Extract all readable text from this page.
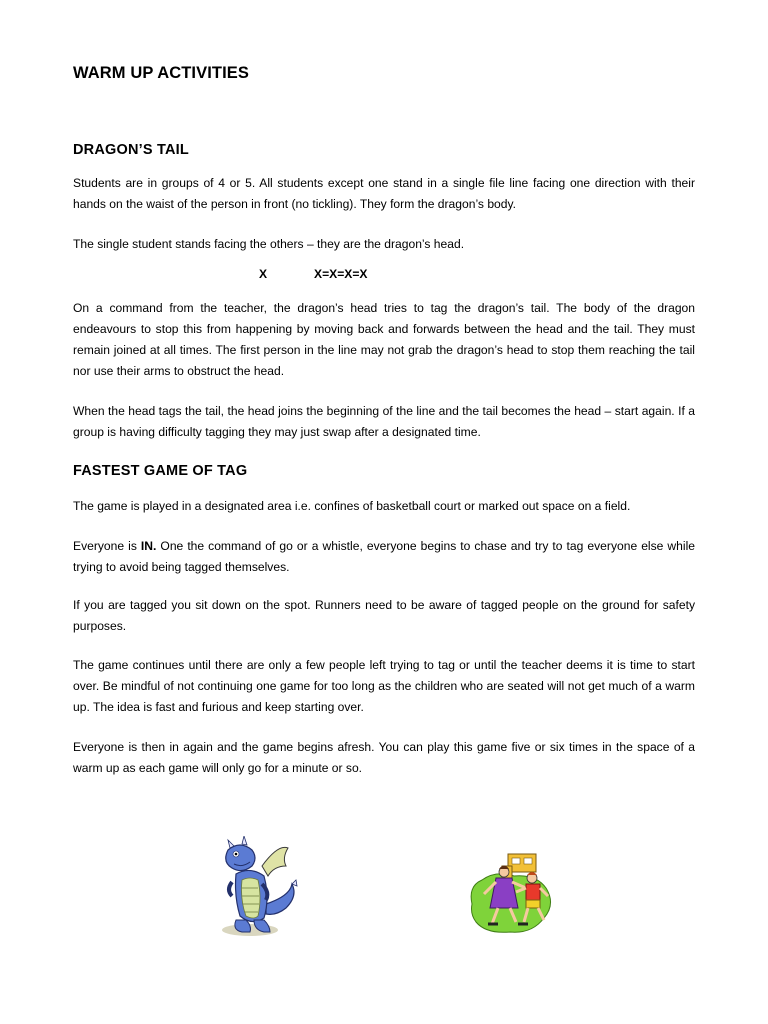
WARM UP ACTIVITIES
DRAGON’S TAIL

Students are in groups of 4 or 5. All students except one stand in a single file line facing one direction with their hands on the waist of the person in front (no tickling). They form the dragon’s body.

The single student stands facing the others – they are the dragon’s head.

X	X=X=X=X

On a command from the teacher, the dragon’s head tries to tag the dragon’s tail. The body of the dragon endeavours to stop this from happening by moving back and forwards between the head and the tail. They must remain joined at all times. The first person in the line may not grab the dragon’s head to stop them reaching the tail nor use their arms to obstruct the head.

When the head tags the tail, the head joins the beginning of the line and the tail becomes the head – start again. If a group is having difficulty tagging they may just swap after a designated time.

FASTEST GAME OF TAG

The game is played in a designated area i.e. confines of basketball court or marked out space on a field.

Everyone is IN. One the command of go or a whistle, everyone begins to chase and try to tag everyone else while trying to avoid being tagged themselves.

If you are tagged you sit down on the spot. Runners need to be aware of tagged people on the ground for safety purposes.

The game continues until there are only a few people left trying to tag or until the teacher deems it is time to start over. Be mindful of not continuing one game for too long as the children who are seated will not get much of a warm up. The idea is fast and furious and keep starting over.

Everyone is then in again and the game begins afresh. You can play this game five or six times in the space of a warm up as each game will only go for a minute or so.
